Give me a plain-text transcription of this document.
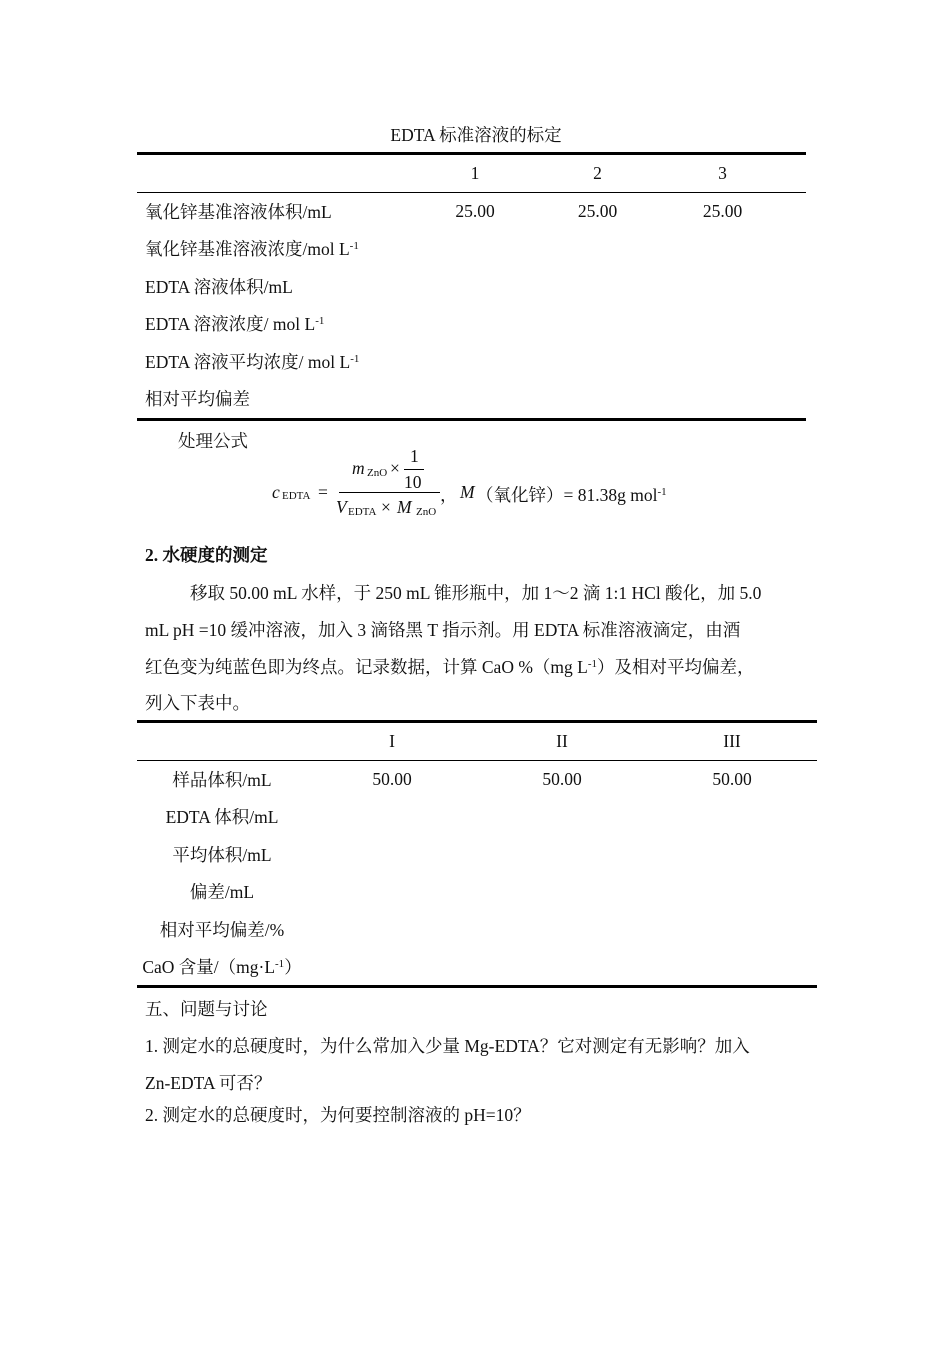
EDTA 标准溶液的标定
	1	2	3
氧化锌基准溶液体积/mL	25.00	25.00	25.00
氧化锌基准溶液浓度/mol $L^{-1}$			
EDTA 溶液体积/mL			
EDTA 溶液浓度/ mol $L^{-1}$			
EDTA 溶液平均浓度/ mol $L^{-1}$			
相对平均偏差			
处理公式
c EDTA =
m ZnO ×
1
10
V EDTA × M ZnO
， M （氧化锌）= 81.38g mol$^{-1}$
2. 水硬度的测定
移取 50.00 mL 水样，于 250 mL 锥形瓶中，加 1～2 滴 1:1 HCl 酸化，加 5.0
mL pH =10 缓冲溶液，加入 3 滴铬黑 T 指示剂。用 EDTA 标准溶液滴定，由酒
红色变为纯蓝色即为终点。记录数据，计算 CaO %（mg $L^{-1}$）及相对平均偏差，
列入下表中。
	I	II	III
样品体积/mL	50.00	50.00	50.00
EDTA 体积/mL			
平均体积/mL			
偏差/mL			
相对平均偏差/%			
CaO 含量$/(mg\cdot L^{-1})$			
五、问题与讨论
1. 测定水的总硬度时，为什么常加入少量 Mg-EDTA？它对测定有无影响？加入
Zn-EDTA 可否？
2. 测定水的总硬度时，为何要控制溶液的 pH=10？
